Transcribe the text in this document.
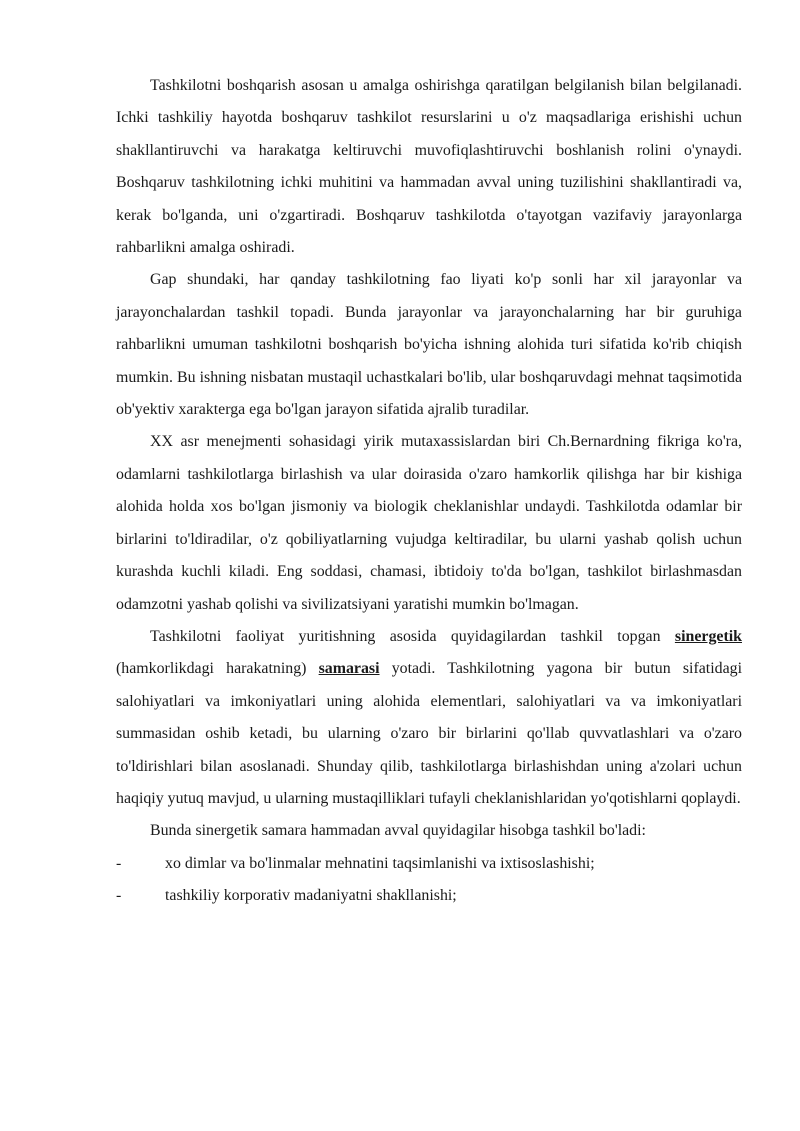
Tashkilotni boshqarish asosan u amalga oshirishga qaratilgan belgilanish bilan belgilanadi. Ichki tashkiliy hayotda boshqaruv tashkilot resurslarini u o'z maqsadlariga erishishi uchun shakllantiruvchi va harakatga keltiruvchi muvofiqlashtiruvchi boshlanish rolini o'ynaydi. Boshqaruv tashkilotning ichki muhitini va hammadan avval uning tuzilishini shakllantiradi va, kerak bo'lganda, uni o'zgartiradi. Boshqaruv tashkilotda o'tayotgan vazifaviy jarayonlarga rahbarlikni amalga oshiradi.

Gap shundaki, har qanday tashkilotning fao liyati ko'p sonli har xil jarayonlar va jarayonchalardan tashkil topadi. Bunda jarayonlar va jarayonchalarning har bir guruhiga rahbarlikni umuman tashkilotni boshqarish bo'yicha ishning alohida turi sifatida ko'rib chiqish mumkin. Bu ishning nisbatan mustaqil uchastkalari bo'lib, ular boshqaruvdagi mehnat taqsimotida ob'yektiv xarakterga ega bo'lgan jarayon sifatida ajralib turadilar.

XX asr menejmenti sohasidagi yirik mutaxassislardan biri Ch.Bernardning fikriga ko'ra, odamlarni tashkilotlarga birlashish va ular doirasida o'zaro hamkorlik qilishga har bir kishiga alohida holda xos bo'lgan jismoniy va biologik cheklanishlar undaydi. Tashkilotda odamlar bir birlarini to'ldiradilar, o'z qobiliyatlarning vujudga keltiradilar, bu ularni yashab qolish uchun kurashda kuchli kiladi. Eng soddasi, chamasi, ibtidoiy to'da bo'lgan, tashkilot birlashmasdan odamzotni yashab qolishi va sivilizatsiyani yaratishi mumkin bo'lmagan.

Tashkilotni faoliyat yuritishning asosida quyidagilardan tashkil topgan sinergetik (hamkorlikdagi harakatning) samarasi yotadi. Tashkilotning yagona bir butun sifatidagi salohiyatlari va imkoniyatlari uning alohida elementlari, salohiyatlari va va imkoniyatlari summasidan oshib ketadi, bu ularning o'zaro bir birlarini qo'llab quvvatlashlari va o'zaro to'ldirishlari bilan asoslanadi. Shunday qilib, tashkilotlarga birlashishdan uning a'zolari uchun haqiqiy yutuq mavjud, u ularning mustaqilliklari tufayli cheklanishlaridan yo'qotishlarni qoplaydi.

Bunda sinergetik samara hammadan avval quyidagilar hisobga tashkil bo'ladi:

-	xo dimlar va bo'linmalar mehnatini taqsimlanishi va ixtisoslashishi;
-	tashkiliy korporativ madaniyatni shakllanishi;
